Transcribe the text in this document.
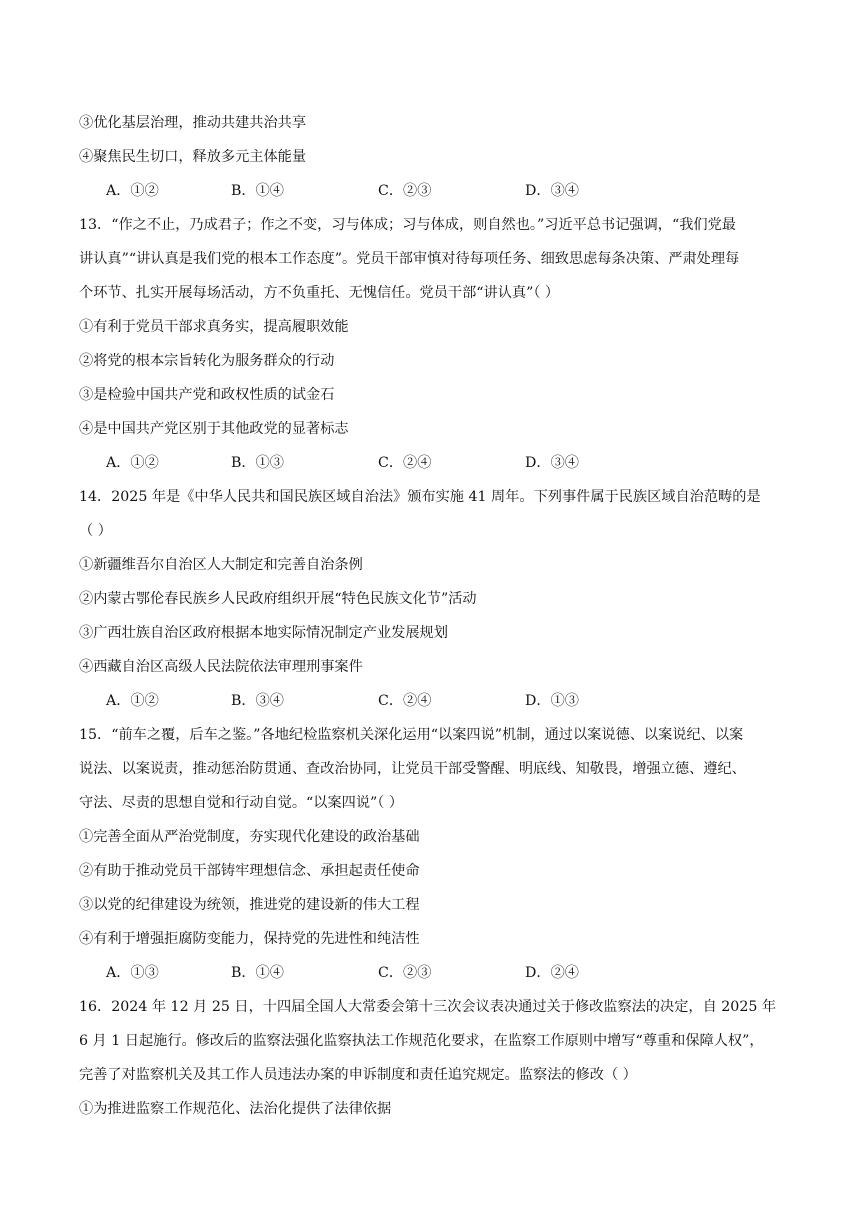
③优化基层治理，推动共建共治共享
④聚焦民生切口，释放多元主体能量
A．①②	B．①④	C．②③	D．③④
13．“作之不止，乃成君子；作之不变，习与体成；习与体成，则自然也。”习近平总书记强调，“我们党最
讲认真”“讲认真是我们党的根本工作态度”。党员干部审慎对待每项任务、细致思虑每条决策、严肃处理每
个环节、扎实开展每场活动，方不负重托、无愧信任。党员干部“讲认真”（ ）
①有利于党员干部求真务实，提高履职效能
②将党的根本宗旨转化为服务群众的行动
③是检验中国共产党和政权性质的试金石
④是中国共产党区别于其他政党的显著标志
A．①②	B．①③	C．②④	D．③④
14．2025 年是《中华人民共和国民族区域自治法》颁布实施 41 周年。下列事件属于民族区域自治范畴的是
（ ）
①新疆维吾尔自治区人大制定和完善自治条例
②内蒙古鄂伦春民族乡人民政府组织开展“特色民族文化节”活动
③广西壮族自治区政府根据本地实际情况制定产业发展规划
④西藏自治区高级人民法院依法审理刑事案件
A．①②	B．③④	C．②④	D．①③
15．“前车之覆，后车之鉴。”各地纪检监察机关深化运用“以案四说”机制，通过以案说德、以案说纪、以案
说法、以案说责，推动惩治防贯通、查改治协同，让党员干部受警醒、明底线、知敬畏，增强立德、遵纪、
守法、尽责的思想自觉和行动自觉。“以案四说”（ ）
①完善全面从严治党制度，夯实现代化建设的政治基础
②有助于推动党员干部铸牢理想信念、承担起责任使命
③以党的纪律建设为统领，推进党的建设新的伟大工程
④有利于增强拒腐防变能力，保持党的先进性和纯洁性
A．①③	B．①④	C．②③	D．②④
16．2024 年 12 月 25 日，十四届全国人大常委会第十三次会议表决通过关于修改监察法的决定，自 2025 年
6 月 1 日起施行。修改后的监察法强化监察执法工作规范化要求，在监察工作原则中增写“尊重和保障人权”，
完善了对监察机关及其工作人员违法办案的申诉制度和责任追究规定。监察法的修改（ ）
①为推进监察工作规范化、法治化提供了法律依据
